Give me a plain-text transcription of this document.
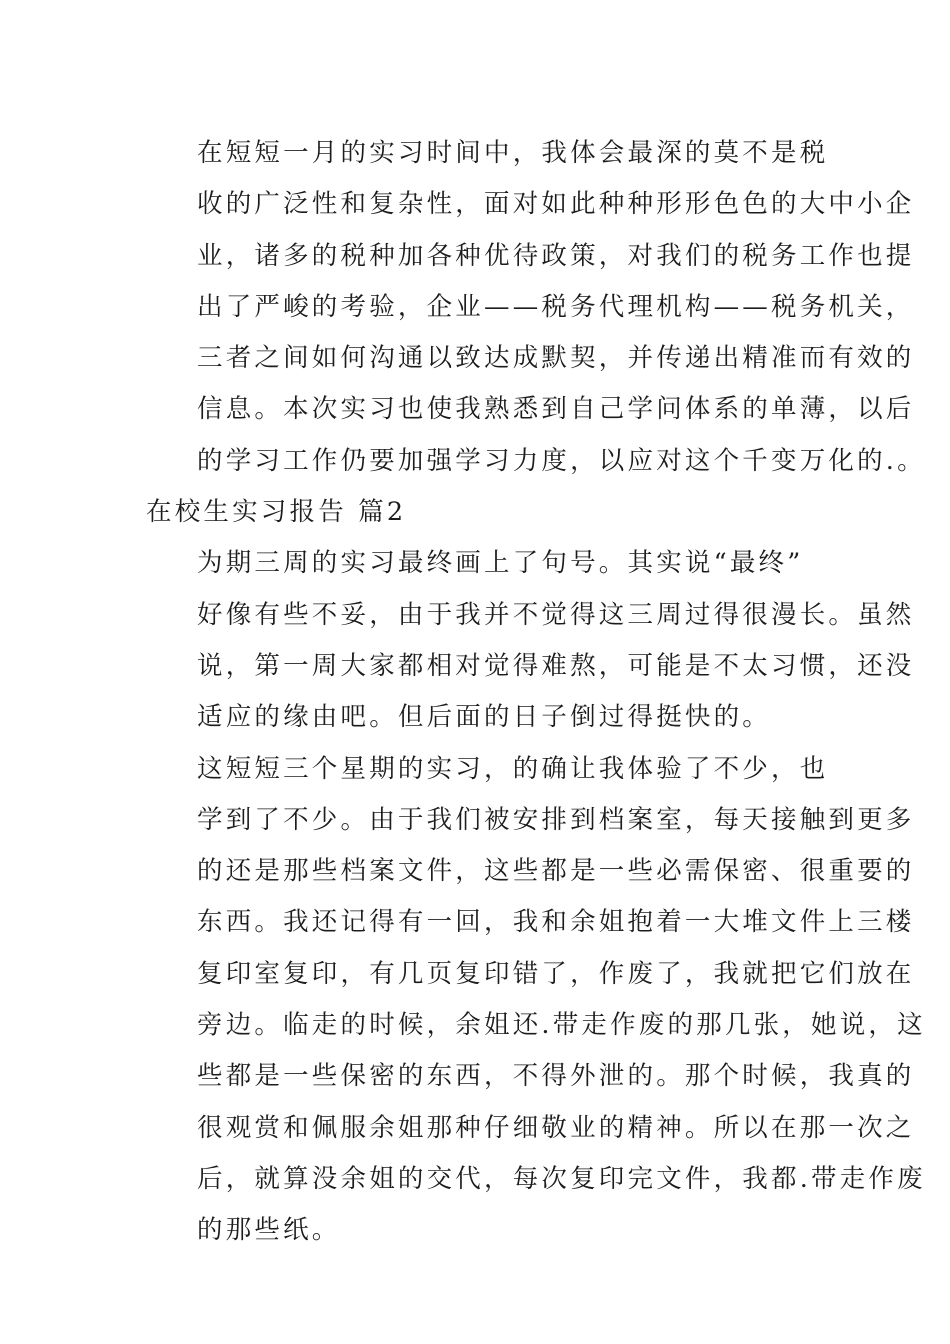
在短短一月的实习时间中，我体会最深的莫不是税
收的广泛性和复杂性，面对如此种种形形色色的大中小企
业，诸多的税种加各种优待政策，对我们的税务工作也提
出了严峻的考验，企业——税务代理机构——税务机关，
三者之间如何沟通以致达成默契，并传递出精准而有效的
信息。本次实习也使我熟悉到自己学问体系的单薄，以后
的学习工作仍要加强学习力度，以应对这个千变万化的.。
在校生实习报告 篇2
为期三周的实习最终画上了句号。其实说“最终”
好像有些不妥，由于我并不觉得这三周过得很漫长。虽然
说，第一周大家都相对觉得难熬，可能是不太习惯，还没
适应的缘由吧。但后面的日子倒过得挺快的。
这短短三个星期的实习，的确让我体验了不少，也
学到了不少。由于我们被安排到档案室，每天接触到更多
的还是那些档案文件，这些都是一些必需保密、很重要的
东西。我还记得有一回，我和余姐抱着一大堆文件上三楼
复印室复印，有几页复印错了，作废了，我就把它们放在
旁边。临走的时候，余姐还.带走作废的那几张，她说，这
些都是一些保密的东西，不得外泄的。那个时候，我真的
很观赏和佩服余姐那种仔细敬业的精神。所以在那一次之
后，就算没余姐的交代，每次复印完文件，我都.带走作废
的那些纸。
